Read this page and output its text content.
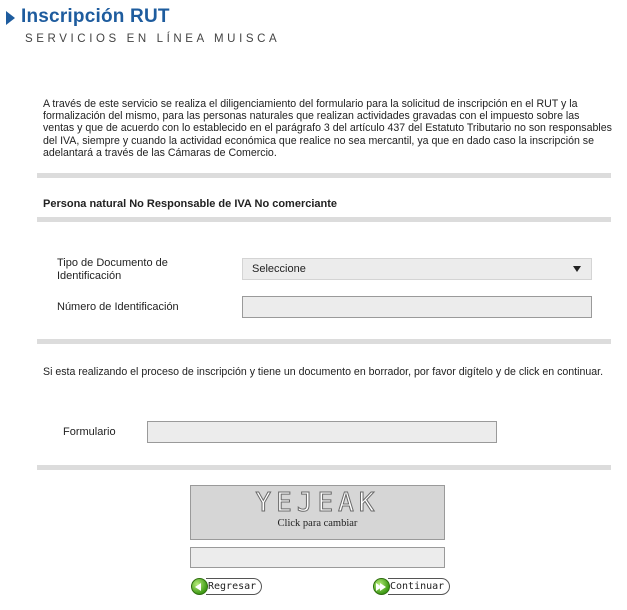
Inscripción RUT
SERVICIOS EN LÍNEA MUISCA
A través de este servicio se realiza el diligenciamiento del formulario para la solicitud de inscripción en el RUT y la formalización del mismo, para las personas naturales que realizan actividades gravadas con el impuesto sobre las ventas y que de acuerdo con lo establecido en el parágrafo 3 del artículo 437 del Estatuto Tributario no son responsables del IVA, siempre y cuando la actividad económica que realice no sea mercantil, ya que en dado caso la inscripción se adelantará a través de las Cámaras de Comercio.
Persona natural No Responsable de IVA No comerciante
Tipo de Documento de Identificación
Seleccione
Número de Identificación
Si esta realizando el proceso de inscripción y tiene un documento en borrador, por favor digítelo y de click en continuar.
Formulario
YEJEAK
Click para cambiar
Regresar	Continuar
